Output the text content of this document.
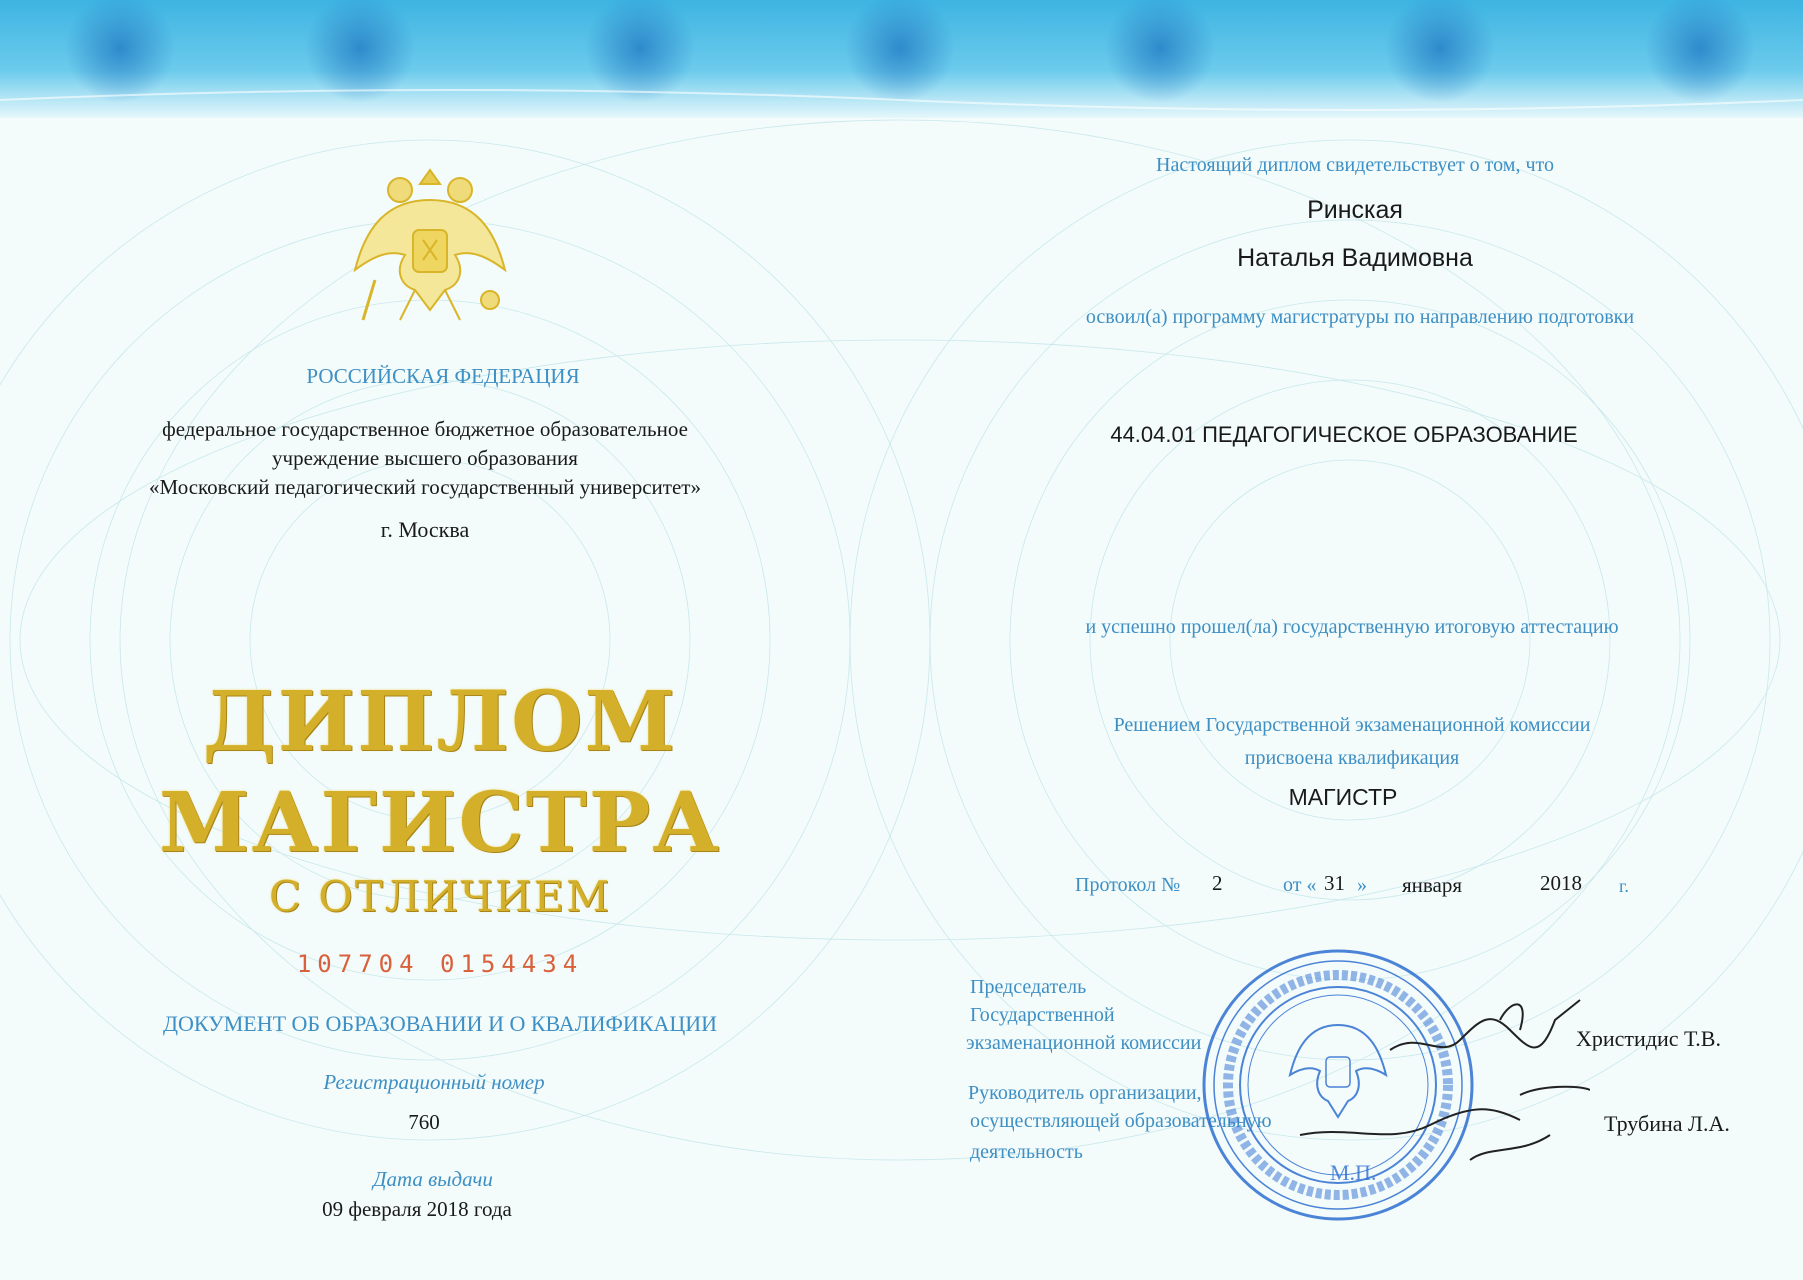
РОССИЙСКАЯ ФЕДЕРАЦИЯ
федеральное государственное бюджетное образовательное
учреждение высшего образования
«Московский педагогический государственный университет»
г. Москва
ДИПЛОМ
МАГИСТРА
С ОТЛИЧИЕМ
107704 0154434
ДОКУМЕНТ ОБ ОБРАЗОВАНИИ И О КВАЛИФИКАЦИИ
Регистрационный номер
760
Дата выдачи
09 февраля 2018 года
Настоящий диплом свидетельствует о том, что
Ринская
Наталья Вадимовна
освоил(а) программу магистратуры по направлению подготовки
44.04.01 ПЕДАГОГИЧЕСКОЕ ОБРАЗОВАНИЕ
и успешно прошел(ла) государственную итоговую аттестацию
Решением Государственной экзаменационной комиссии
присвоена квалификация
МАГИСТР
Протокол № 2	от « 31 » января	2018 г.
Председатель
Государственной
экзаменационной комиссии	Христидис Т.В.
Руководитель организации,
осуществляющей образовательную
деятельность
Трубина Л.А.
М.П.
